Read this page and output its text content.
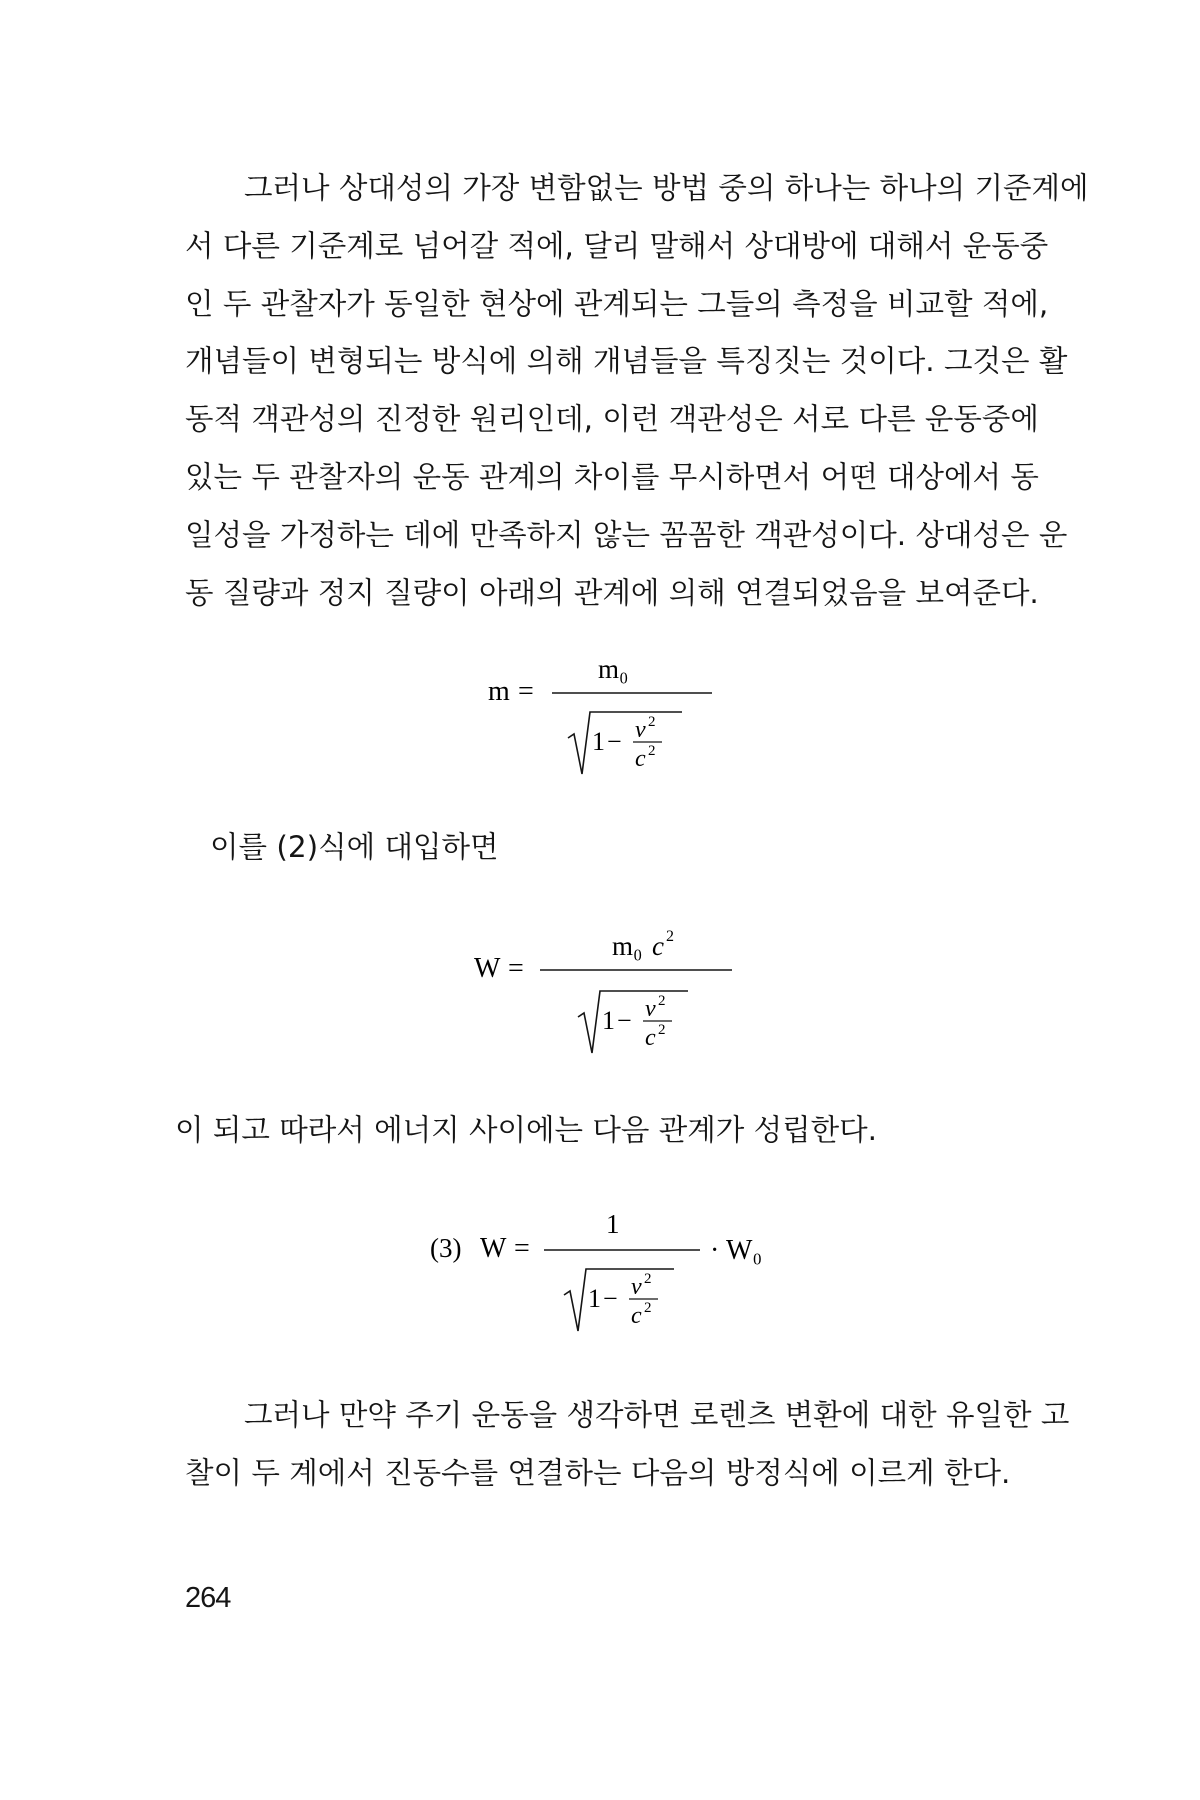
그러나 상대성의 가장 변함없는 방법 중의 하나는 하나의 기준계에
서 다른 기준계로 넘어갈 적에, 달리 말해서 상대방에 대해서 운동중
인 두 관찰자가 동일한 현상에 관계되는 그들의 측정을 비교할 적에,
개념들이 변형되는 방식에 의해 개념들을 특징짓는 것이다. 그것은 활
동적 객관성의 진정한 원리인데, 이런 객관성은 서로 다른 운동중에
있는 두 관찰자의 운동 관계의 차이를 무시하면서 어떤 대상에서 동
일성을 가정하는 데에 만족하지 않는 꼼꼼한 객관성이다. 상대성은 운
동 질량과 정지 질량이 아래의 관계에 의해 연결되었음을 보여준다.
m =
m₀
1 − v 2
c 2
이를 (2)식에 대입하면
W =
m₀ c 2
1 − v 2
c 2
이 되고 따라서 에너지 사이에는 다음 관계가 성립한다.
(3) W =
1
1 − v 2
c 2
· W₀
그러나 만약 주기 운동을 생각하면 로렌츠 변환에 대한 유일한 고
찰이 두 계에서 진동수를 연결하는 다음의 방정식에 이르게 한다.
264
